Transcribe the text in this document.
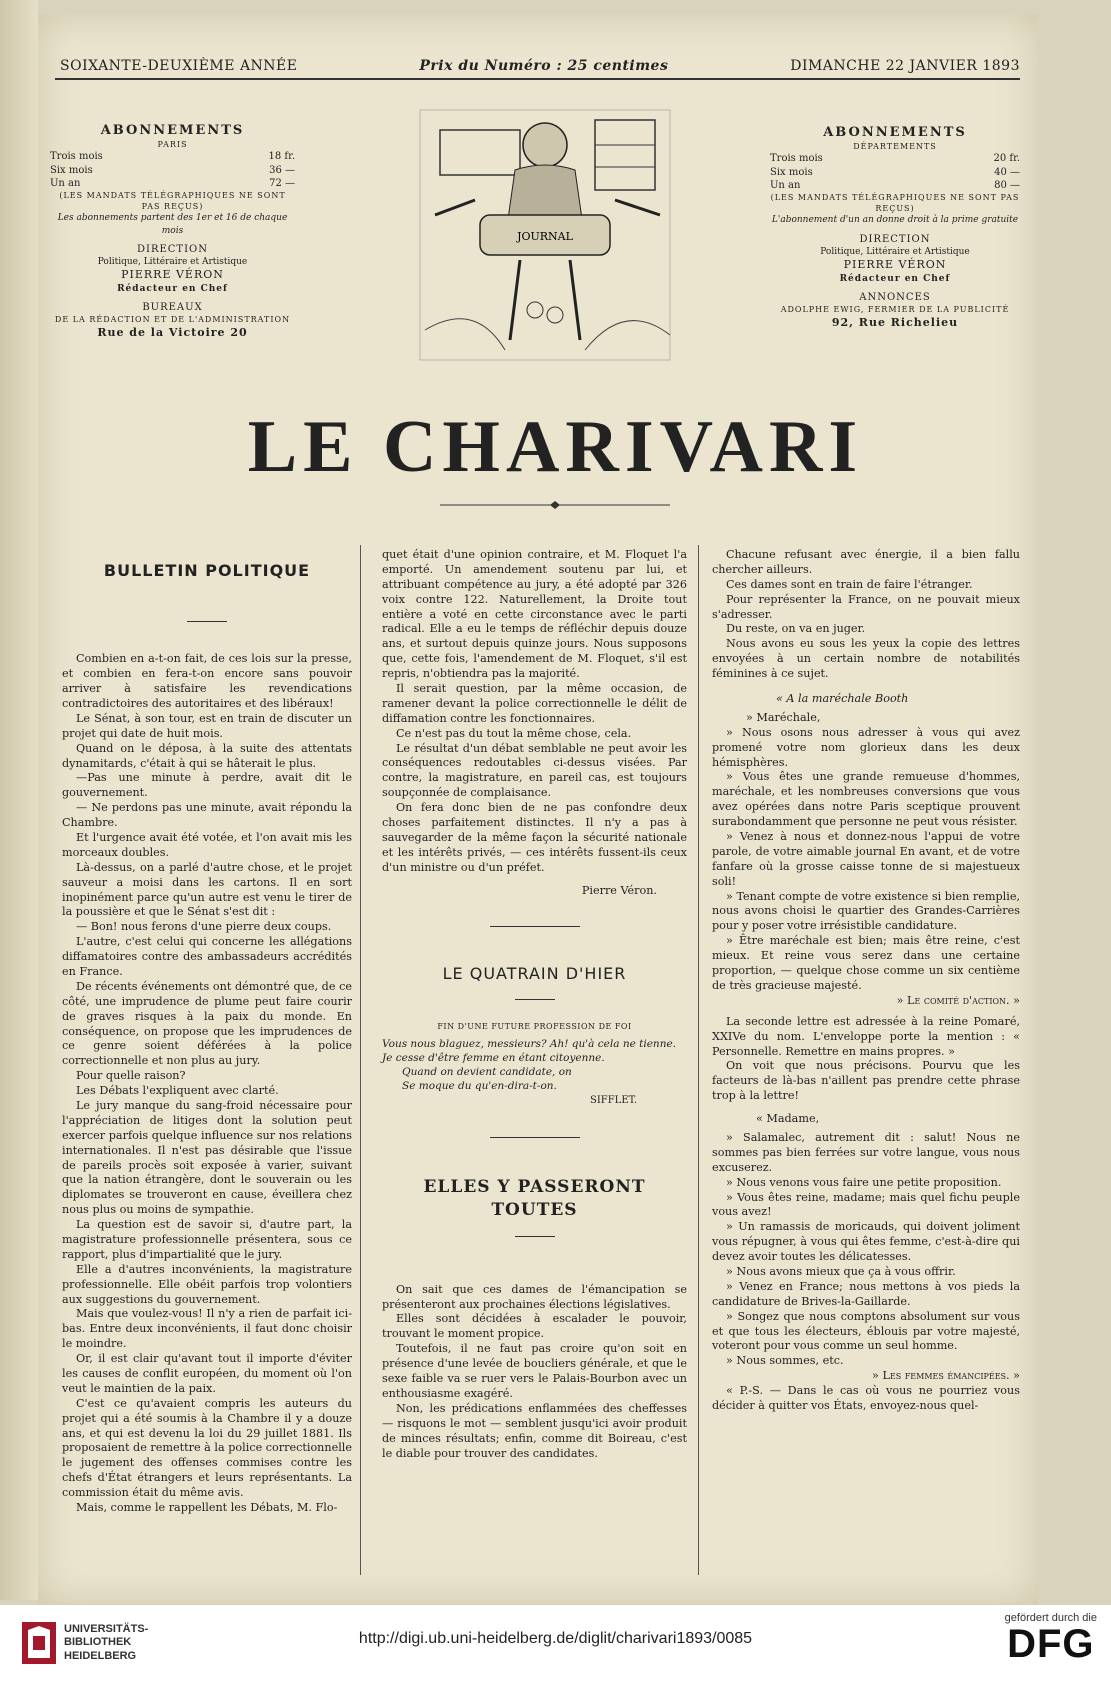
SOIXANTE-DEUXIÈME ANNÉE	Prix du Numéro : 25 centimes	DIMANCHE 22 JANVIER 1893
ABONNEMENTS
PARIS
Trois mois	18 fr.
Six mois	36 —
Un an	72 —
(LES MANDATS TÉLÉGRAPHIQUES NE SONT PAS REÇUS)
Les abonnements partent des 1er et 16 de chaque mois
DIRECTION
Politique, Littéraire et Artistique
PIERRE VÉRON
Rédacteur en Chef
BUREAUX
DE LA RÉDACTION ET DE L'ADMINISTRATION
Rue de la Victoire 20
ABONNEMENTS
DÉPARTEMENTS
Trois mois	20 fr.
Six mois	40 —
Un an	80 —
(LES MANDATS TÉLÉGRAPHIQUES NE SONT PAS REÇUS)
L'abonnement d'un an donne droit à la prime gratuite
DIRECTION
Politique, Littéraire et Artistique
PIERRE VÉRON
Rédacteur en Chef
ANNONCES
ADOLPHE EWIG, FERMIER DE LA PUBLICITÉ
92, Rue Richelieu
JOURNAL
LE CHARIVARI
BULLETIN POLITIQUE

Combien en a-t-on fait, de ces lois sur la presse, et combien en fera-t-on encore sans pouvoir arriver à satisfaire les revendications contradictoires des autoritaires et des libéraux!

Le Sénat, à son tour, est en train de discuter un projet qui date de huit mois.

Quand on le déposa, à la suite des attentats dynamitards, c'était à qui se hâterait le plus.

—Pas une minute à perdre, avait dit le gouvernement.

— Ne perdons pas une minute, avait répondu la Chambre.

Et l'urgence avait été votée, et l'on avait mis les morceaux doubles.

Là-dessus, on a parlé d'autre chose, et le projet sauveur a moisi dans les cartons. Il en sort inopinément parce qu'un autre est venu le tirer de la poussière et que le Sénat s'est dit :

— Bon! nous ferons d'une pierre deux coups.

L'autre, c'est celui qui concerne les allégations diffamatoires contre des ambassadeurs accrédités en France.

De récents événements ont démontré que, de ce côté, une imprudence de plume peut faire courir de graves risques à la paix du monde. En conséquence, on propose que les imprudences de ce genre soient déférées à la police correctionnelle et non plus au jury.

Pour quelle raison?

Les Débats l'expliquent avec clarté.

Le jury manque du sang-froid nécessaire pour l'appréciation de litiges dont la solution peut exercer parfois quelque influence sur nos relations internationales. Il n'est pas désirable que l'issue de pareils procès soit exposée à varier, suivant que la nation étrangère, dont le souverain ou les diplomates se trouveront en cause, éveillera chez nous plus ou moins de sympathie.

La question est de savoir si, d'autre part, la magistrature professionnelle présentera, sous ce rapport, plus d'impartialité que le jury.

Elle a d'autres inconvénients, la magistrature professionnelle. Elle obéit parfois trop volontiers aux suggestions du gouvernement.

Mais que voulez-vous! Il n'y a rien de parfait ici-bas. Entre deux inconvénients, il faut donc choisir le moindre.

Or, il est clair qu'avant tout il importe d'éviter les causes de conflit européen, du moment où l'on veut le maintien de la paix.

C'est ce qu'avaient compris les auteurs du projet qui a été soumis à la Chambre il y a douze ans, et qui est devenu la loi du 29 juillet 1881. Ils proposaient de remettre à la police correctionnelle le jugement des offenses commises contre les chefs d'État étrangers et leurs représentants. La commission était du même avis.

Mais, comme le rappellent les Débats, M. Flo-

quet était d'une opinion contraire, et M. Floquet l'a emporté. Un amendement soutenu par lui, et attribuant compétence au jury, a été adopté par 326 voix contre 122. Naturellement, la Droite tout entière a voté en cette circonstance avec le parti radical. Elle a eu le temps de réfléchir depuis douze ans, et surtout depuis quinze jours. Nous supposons que, cette fois, l'amendement de M. Floquet, s'il est repris, n'obtiendra pas la majorité.

Il serait question, par la même occasion, de ramener devant la police correctionnelle le délit de diffamation contre les fonctionnaires.

Ce n'est pas du tout la même chose, cela.

Le résultat d'un débat semblable ne peut avoir les conséquences redoutables ci-dessus visées. Par contre, la magistrature, en pareil cas, est toujours soupçonnée de complaisance.

On fera donc bien de ne pas confondre deux choses parfaitement distinctes. Il n'y a pas à sauvegarder de la même façon la sécurité nationale et les intérêts privés, — ces intérêts fussent-ils ceux d'un ministre ou d'un préfet.

Pierre Véron.

LE QUATRAIN D'HIER

FIN D'UNE FUTURE PROFESSION DE FOI

Vous nous blaguez, messieurs? Ah! qu'à cela ne tienne.
Je cesse d'être femme en étant citoyenne.
Quand on devient candidate, on
Se moque du qu'en-dira-t-on.

SIFFLET.

ELLES Y PASSERONT TOUTES

On sait que ces dames de l'émancipation se présenteront aux prochaines élections législatives.

Elles sont décidées à escalader le pouvoir, trouvant le moment propice.

Toutefois, il ne faut pas croire qu'on soit en présence d'une levée de boucliers générale, et que le sexe faible va se ruer vers le Palais-Bourbon avec un enthousiasme exagéré.

Non, les prédications enflammées des cheffesses — risquons le mot — semblent jusqu'ici avoir produit de minces résultats; enfin, comme dit Boireau, c'est le diable pour trouver des candidates.

Chacune refusant avec énergie, il a bien fallu chercher ailleurs.

Ces dames sont en train de faire l'étranger.

Pour représenter la France, on ne pouvait mieux s'adresser.

Du reste, on va en juger.

Nous avons eu sous les yeux la copie des lettres envoyées à un certain nombre de notabilités féminines à ce sujet.

« A la maréchale Booth

» Maréchale,

» Nous osons nous adresser à vous qui avez promené votre nom glorieux dans les deux hémisphères.

» Vous êtes une grande remueuse d'hommes, maréchale, et les nombreuses conversions que vous avez opérées dans notre Paris sceptique prouvent surabondamment que personne ne peut vous résister.

» Venez à nous et donnez-nous l'appui de votre parole, de votre aimable journal En avant, et de votre fanfare où la grosse caisse tonne de si majestueux soli!

» Tenant compte de votre existence si bien remplie, nous avons choisi le quartier des Grandes-Carrières pour y poser votre irrésistible candidature.

» Être maréchale est bien; mais être reine, c'est mieux. Et reine vous serez dans une certaine proportion, — quelque chose comme un six centième de très gracieuse majesté.

» Le comité d'action. »

La seconde lettre est adressée à la reine Pomaré, XXIVe du nom. L'enveloppe porte la mention : « Personnelle. Remettre en mains propres. »

On voit que nous précisons. Pourvu que les facteurs de là-bas n'aillent pas prendre cette phrase trop à la lettre!

« Madame,

» Salamalec, autrement dit : salut! Nous ne sommes pas bien ferrées sur votre langue, vous nous excuserez.

» Nous venons vous faire une petite proposition.

» Vous êtes reine, madame; mais quel fichu peuple vous avez!

» Un ramassis de moricauds, qui doivent joliment vous répugner, à vous qui êtes femme, c'est-à-dire qui devez avoir toutes les délicatesses.

» Nous avons mieux que ça à vous offrir.

» Venez en France; nous mettons à vos pieds la candidature de Brives-la-Gaillarde.

» Songez que nous comptons absolument sur vous et que tous les électeurs, éblouis par votre majesté, voteront pour vous comme un seul homme.

» Nous sommes, etc.

» Les femmes émancipées. »

« P.-S. — Dans le cas où vous ne pourriez vous décider à quitter vos États, envoyez-nous quel-

UNIVERSITÄTS-
BIBLIOTHEK
HEIDELBERG
http://digi.ub.uni-heidelberg.de/diglit/charivari1893/0085
gefördert durch die
DFG
